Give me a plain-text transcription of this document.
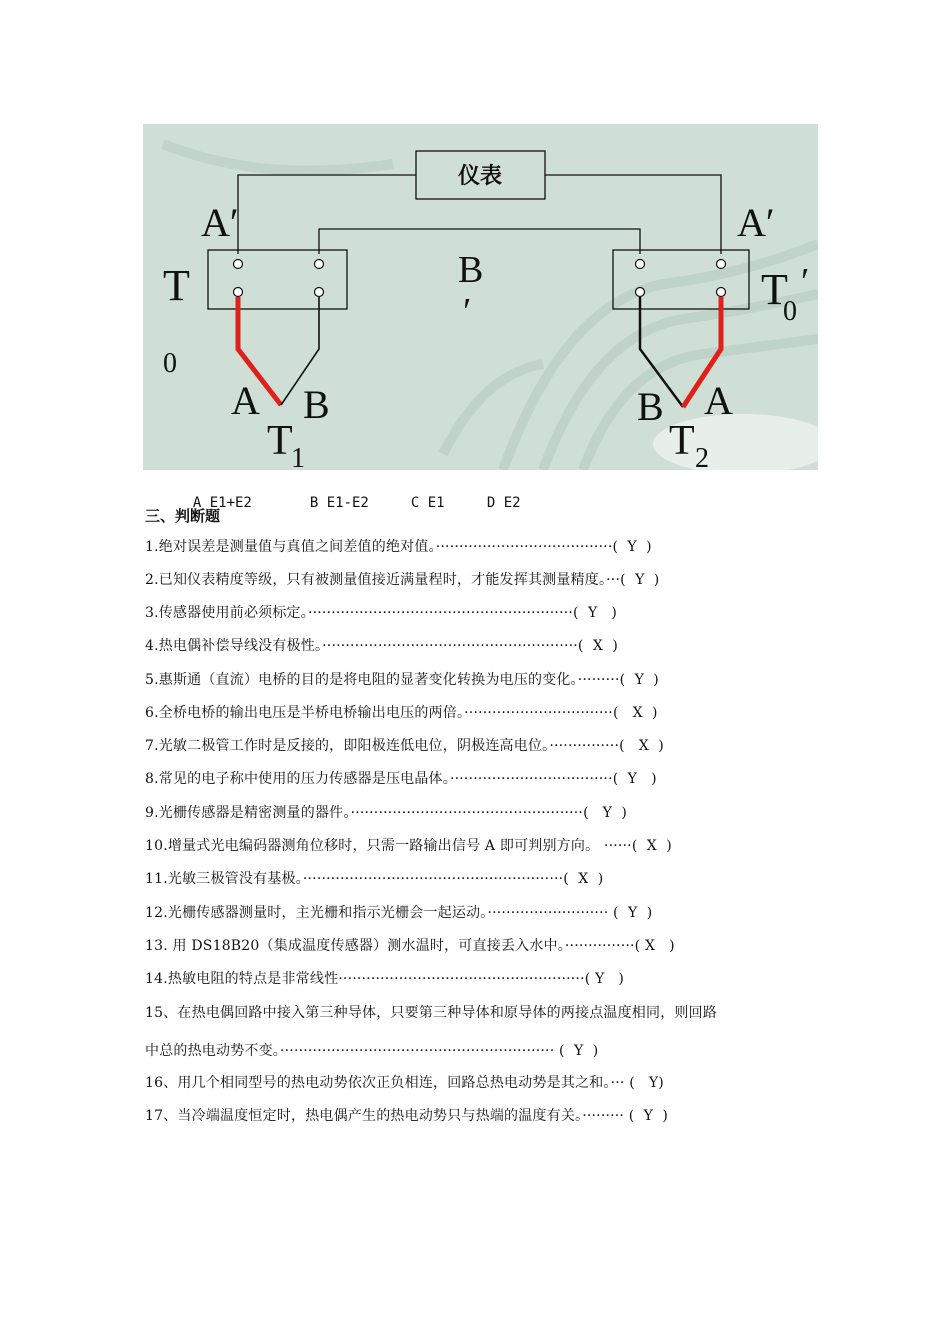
仪表
A′	A′
B
′
T
0
T
0
′
A B
T
1
B A
T 2

A E1+E2	B E1-E2	C E1	D E2

三、判断题
1.绝对误差是测量值与真值之间差值的绝对值。······································(  Y  )
2.已知仪表精度等级，只有被测量值接近满量程时，才能发挥其测量精度。···(  Y  )
3.传感器使用前必须标定。·························································(  Y   )
4.热电偶补偿导线没有极性。·······················································(  X  )
5.惠斯通（直流）电桥的目的是将电阻的显著变化转换为电压的变化。·········(  Y  )
6.全桥电桥的输出电压是半桥电桥输出电压的两倍。································(   X  )
7.光敏二极管工作时是反接的，即阳极连低电位，阴极连高电位。···············(   X  )
8.常见的电子称中使用的压力传感器是压电晶体。···································(  Y   )
9.光栅传感器是精密测量的器件。··················································(   Y  )
10.增量式光电编码器测角位移时，只需一路输出信号 A 即可判别方向。 ······(  X  )
11.光敏三极管没有基极。························································(  X  )
12.光栅传感器测量时，主光栅和指示光栅会一起运动。·························· (  Y  )
13. 用 DS18B20（集成温度传感器）测水温时，可直接丢入水中。···············( X   )
14.热敏电阻的特点是非常线性·····················································( Y   )
15、在热电偶回路中接入第三种导体，只要第三种导体和原导体的两接点温度相同，则回路
中总的热电动势不变。··························································· (  Y  )
16、用几个相同型号的热电动势依次正负相连，回路总热电动势是其之和。··· (   Y)
17、当冷端温度恒定时，热电偶产生的热电动势只与热端的温度有关。········· (  Y  )
